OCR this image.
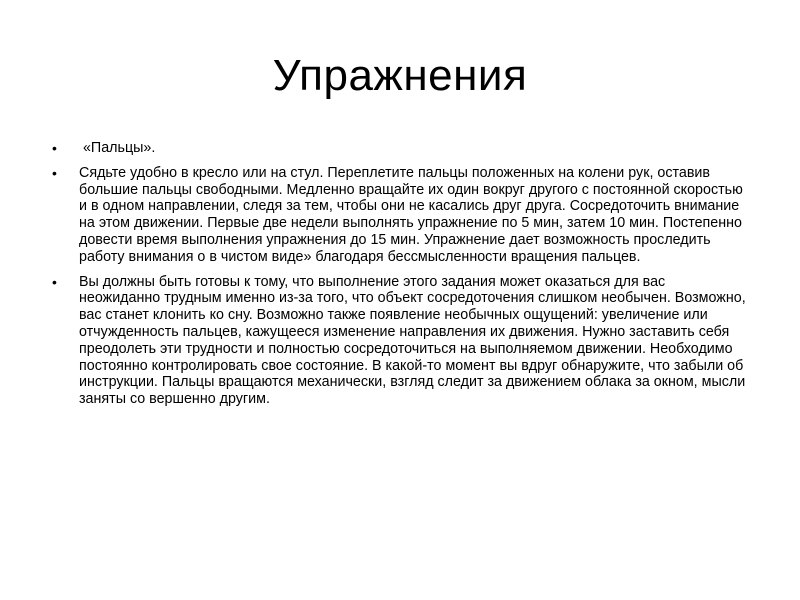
Упражнения
• «Пальцы».
• Сядьте удобно в кресло или на стул. Переплетите пальцы положенных на колени рук, оставив большие пальцы свободными. Медленно вращайте их один вокруг другого с постоянной скоростью и в одном направлении, следя за тем, чтобы они не касались друг друга. Сосредоточить внимание на этом движении. Первые две недели выполнять упражнение по 5 мин, затем 10 мин. Постепенно довести время выполнения упражнения до 15 мин. Упражнение дает возможность проследить работу внимания о в чистом виде» благодаря бессмысленности вращения пальцев.
• Вы должны быть готовы к тому, что выполнение этого задания может оказаться для вас неожиданно трудным именно из-за того, что объект сосредоточения слишком необычен. Возможно, вас станет клонить ко сну. Возможно также появление необычных ощущений: увеличение или отчужденность пальцев, кажущееся изменение направления их движения. Нужно заставить себя преодолеть эти трудности и полностью сосредоточиться на выполняемом движении. Необходимо постоянно контролировать свое состояние. В какой-то момент вы вдруг обнаружите, что забыли об инструкции. Пальцы вращаются механически, взгляд следит за движением облака за окном, мысли заняты со вершенно другим.
